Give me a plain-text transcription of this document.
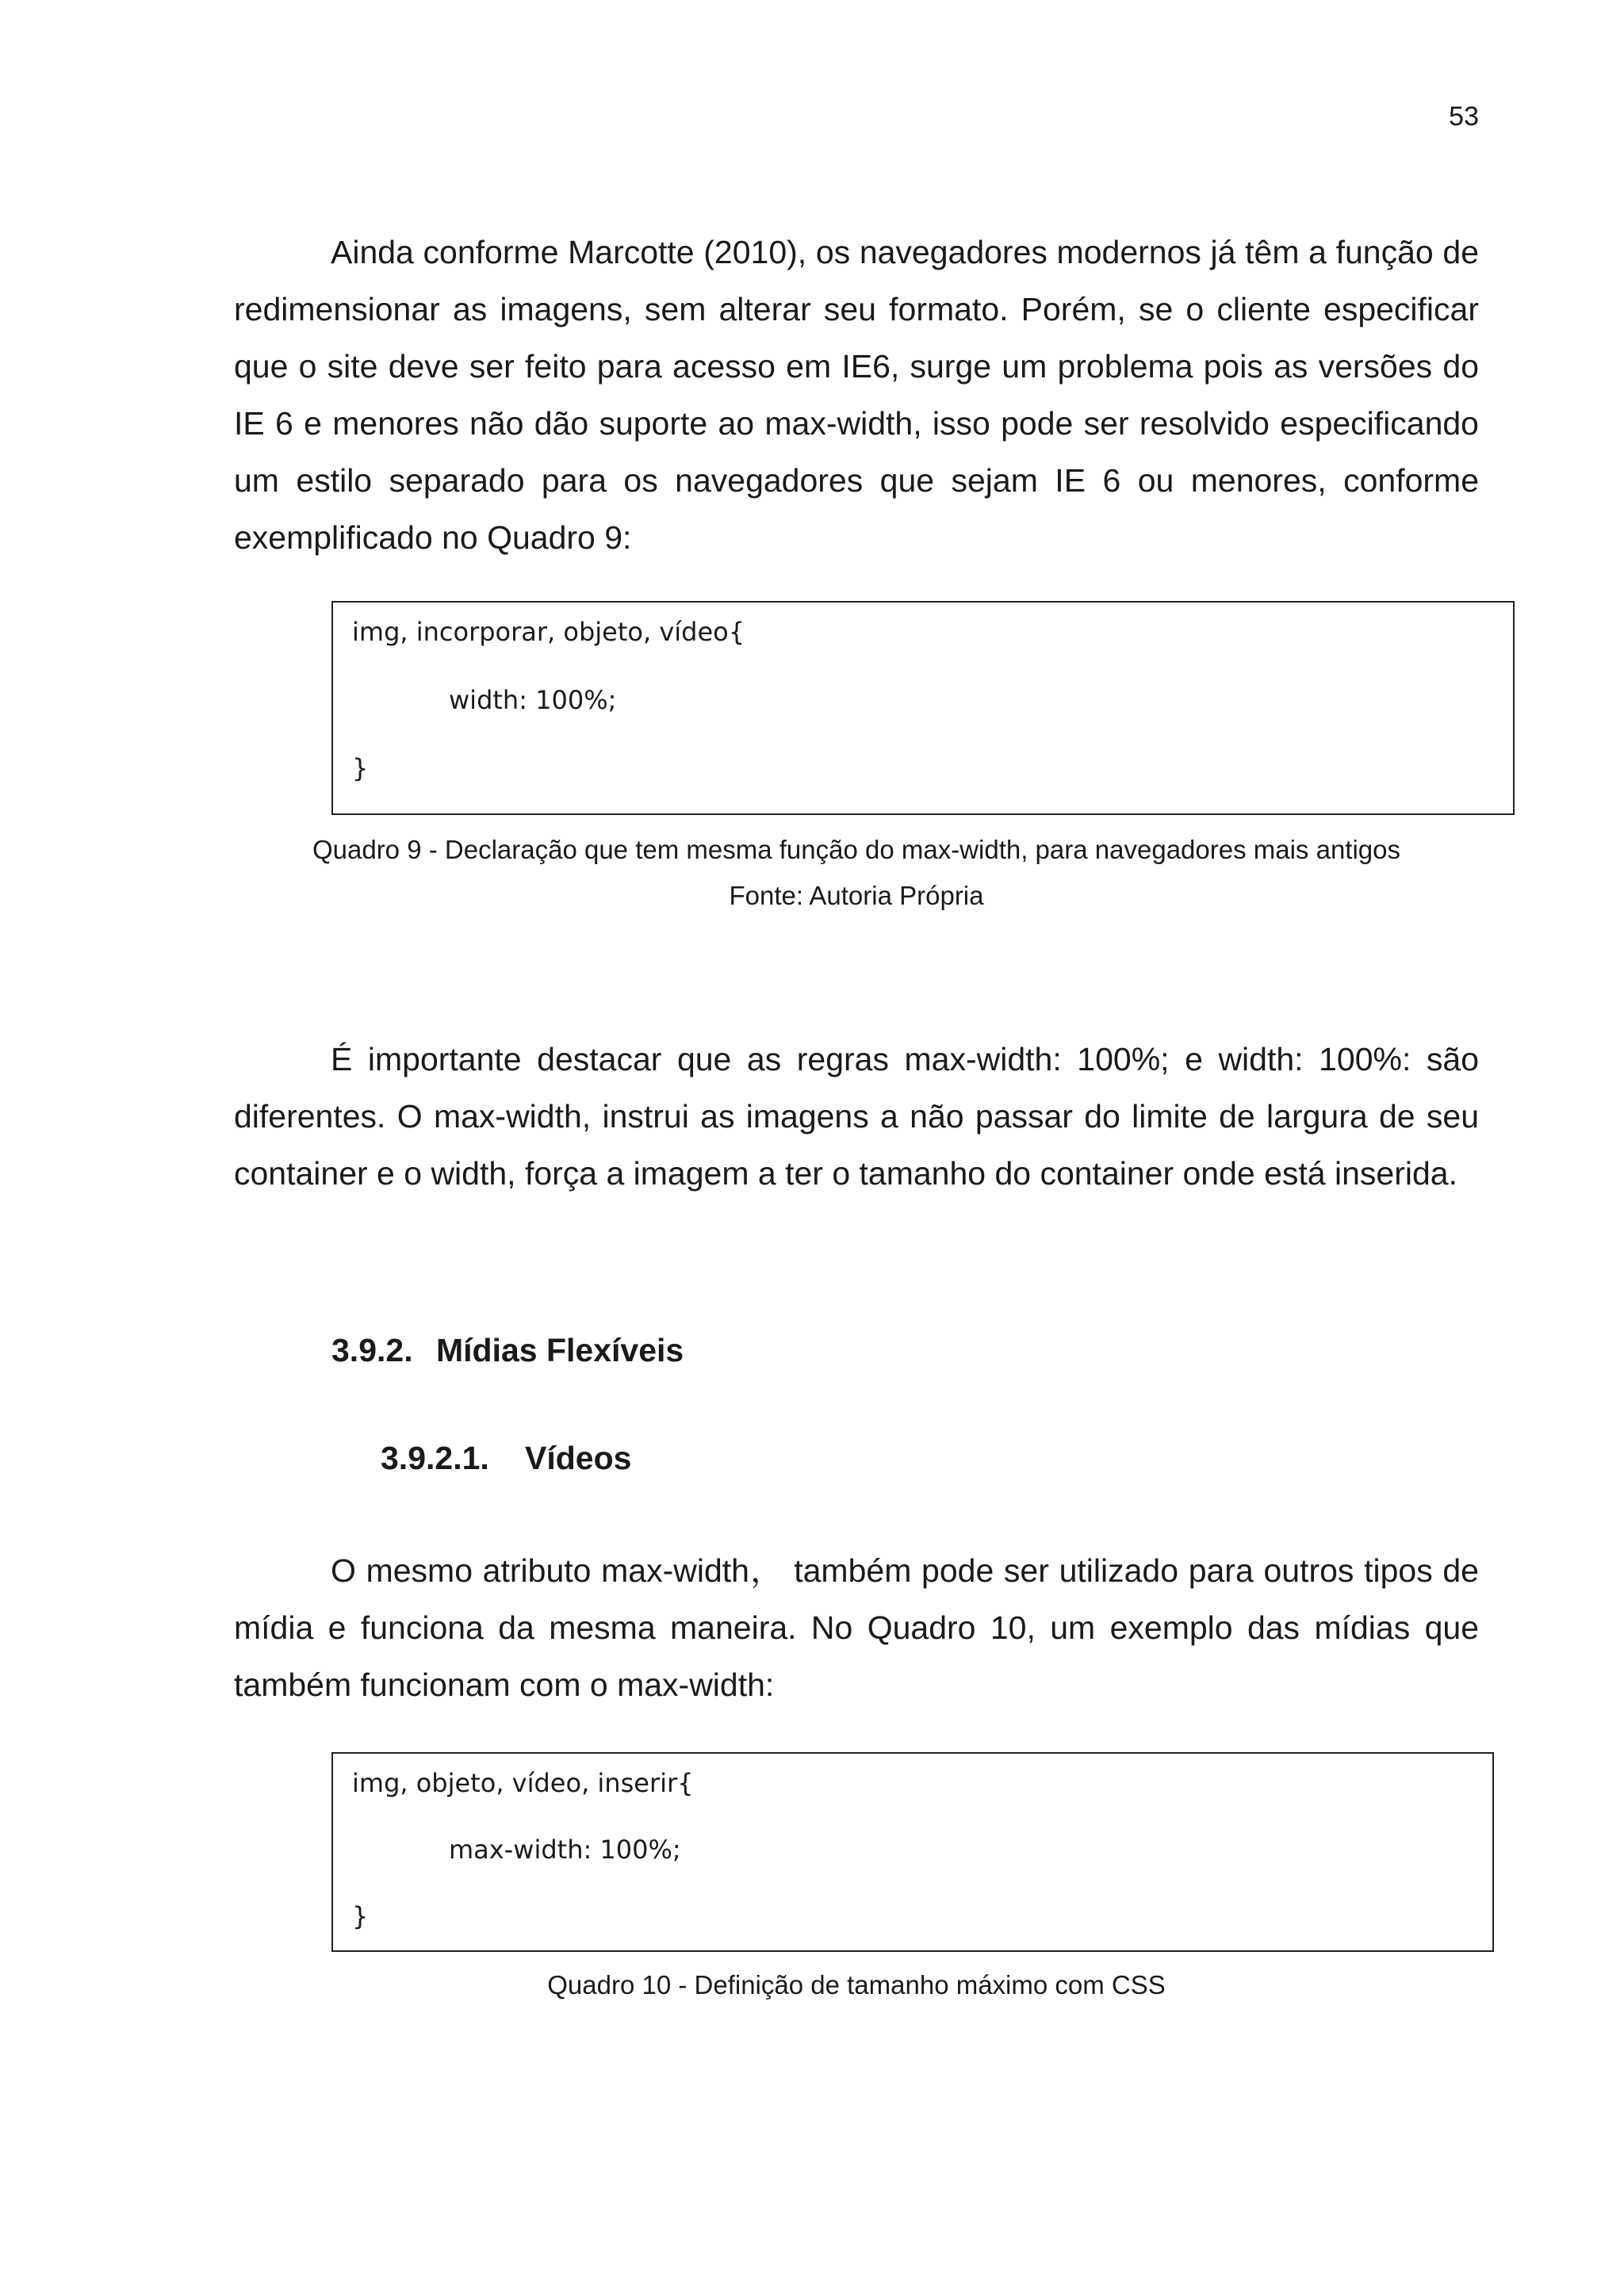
53

Ainda conforme Marcotte (2010), os navegadores modernos já têm a função de redimensionar as imagens, sem alterar seu formato. Porém, se o cliente especificar que o site deve ser feito para acesso em IE6, surge um problema pois as versões do IE 6 e menores não dão suporte ao max-width, isso pode ser resolvido especificando um estilo separado para os navegadores que sejam IE 6 ou menores, conforme exemplificado no Quadro 9:

img, incorporar, objeto, vídeo{
width: 100%;
}

Quadro 9 - Declaração que tem mesma função do max-width, para navegadores mais antigos

Fonte: Autoria Própria

É importante destacar que as regras max-width: 100%; e width: 100%: são diferentes. O max-width, instrui as imagens a não passar do limite de largura de seu container e o width, força a imagem a ter o tamanho do container onde está inserida.

3.9.2. Mídias Flexíveis
3.9.2.1. Vídeos

O mesmo atributo max-width， também pode ser utilizado para outros tipos de mídia e funciona da mesma maneira. No Quadro 10, um exemplo das mídias que também funcionam com o max-width:

img, objeto, vídeo, inserir{
max-width: 100%;
}

Quadro 10 - Definição de tamanho máximo com CSS
